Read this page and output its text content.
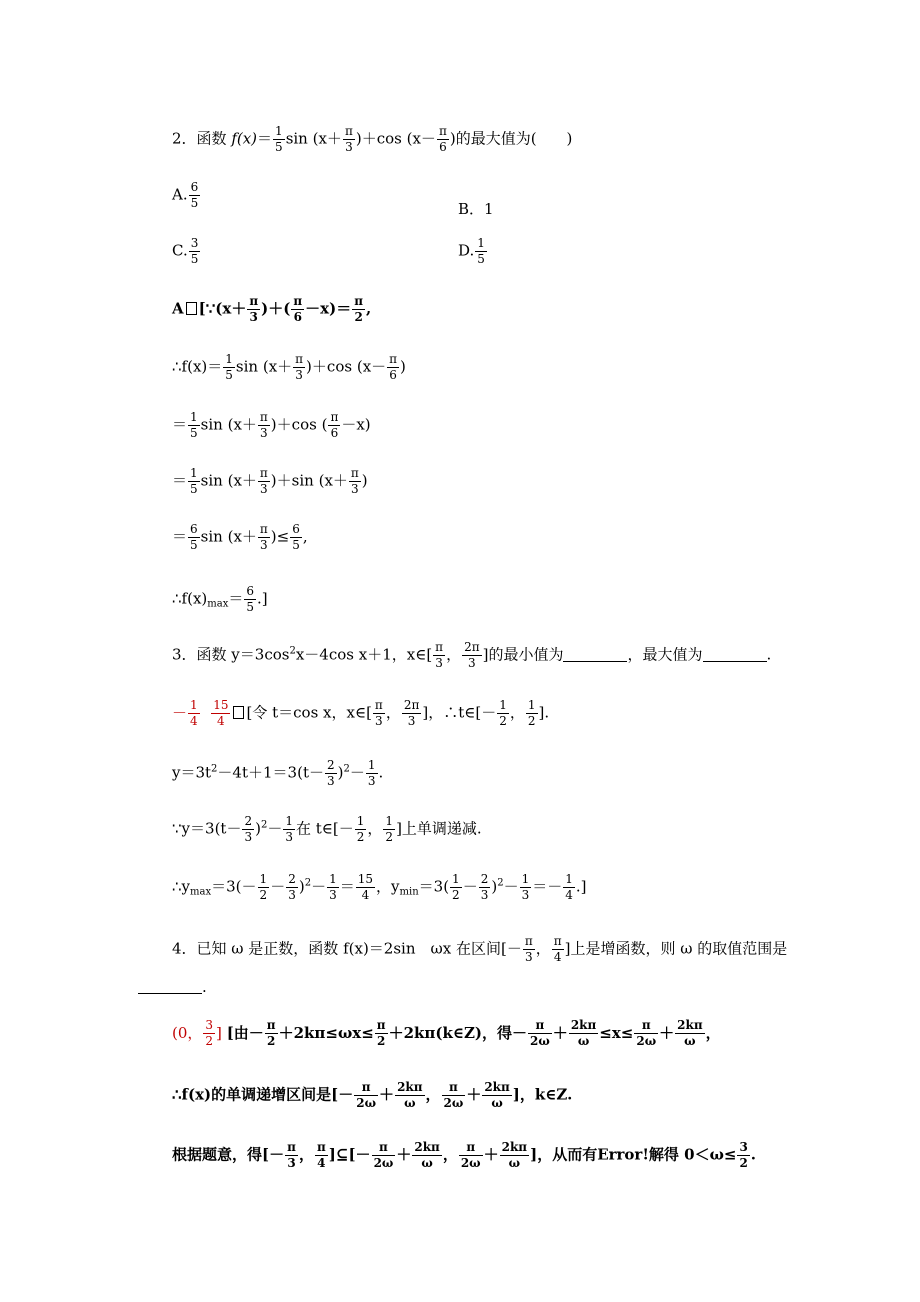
2．函数 $f(x)= \frac{1}{5}$ $\sin (x+ \frac{\pi}{3} )+\cos$ ($x- \frac{\pi}{6}$ )的最大值为(　　)
A. $\frac{6}{5}$	B．1
C. $\frac{3}{5}$	D. $\frac{1}{5}$
A [∵(x＋ $\frac{\pi}{3}$ )＋( $\frac{\pi}{6} -x)= \frac{\pi}{2}$ ,
∴f(x)＝ $\frac{1}{5}$ $\sin (x+ \frac{\pi}{3} )+\cos$ ($x- \frac{\pi}{6}$ )
＝ $\frac{1}{5}$ $\sin (x+ \frac{\pi}{3} )+\cos$ ( $\frac{\pi}{6} -x$)
＝ $\frac{1}{5}$ $\sin (x+ \frac{\pi}{3} )+\sin$ ($x+ \frac{\pi}{3}$ )
＝ $\frac{6}{5}$ $\sin (x+ \frac{\pi}{3}$ )≤ $\frac{6}{5}$ ,
$\therefore f(x)_{max}= \frac{6}{5}$ .]
3．函数 $y=3\cos^2x-4\cos$ x＋1，x∈[ $\frac{\pi}{3}$ ， $\frac{2\pi}{3}$ ]的最小值为	，最大值为	.
－ $\frac{1}{4}$
$\frac{15}{4}$ [令 t＝cos x，x∈[ $\frac{\pi}{3}$ ， $\frac{2\pi}{3}$ ]，∴t∈[－ $\frac{1}{2}$ ， $\frac{1}{2}$ ].
$y=3t^2-4t+1=3(t- \frac{2}{3} )^2- \frac{1}{3}$ .
∵y＝3(t－ $\frac{2}{3} )^2- \frac{1}{3}$ 在 t∈[－ $\frac{1}{2}$ ， $\frac{1}{2}$ ]上单调递减.
$\therefore y_{max}=3(- \frac{1}{2} - \frac{2}{3} )^2- \frac{1}{3} = \frac{15}{4}$ ，$y_{min}=3( \frac{1}{2} - \frac{2}{3} )^2- \frac{1}{3} =- \frac{1}{4}$ .]
4．已知 ω 是正数，函数 f(x)＝2sin　ωx 在区间[－ $\frac{\pi}{3}$ ， $\frac{\pi}{4}$ ]上是增函数，则 ω 的取值范围是
.
(0， $\frac{3}{2}$ ] [由－ $\frac{\pi}{2} +2k\pi\le\omega x\le \frac{\pi}{2}$ ＋2kπ(k∈Z)，得－ $\frac{\pi}{2\omega} + \frac{2k\pi}{\omega} \le x\le \frac{\pi}{2\omega} + \frac{2k\pi}{\omega}$ ，
∴f(x)的单调递增区间是[－ $\frac{\pi}{2\omega} + \frac{2k\pi}{\omega}$ ， $\frac{\pi}{2\omega} + \frac{2k\pi}{\omega}$ ]，k∈Z.
根据题意，得[－ $\frac{\pi}{3}$ ， $\frac{\pi}{4}$ ]⊆[－ $\frac{\pi}{2\omega} + \frac{2k\pi}{\omega}$ ， $\frac{\pi}{2\omega} + \frac{2k\pi}{\omega}$ ]，从而有Error!解得 $0<\omega\le \frac{3}{2}$ .
